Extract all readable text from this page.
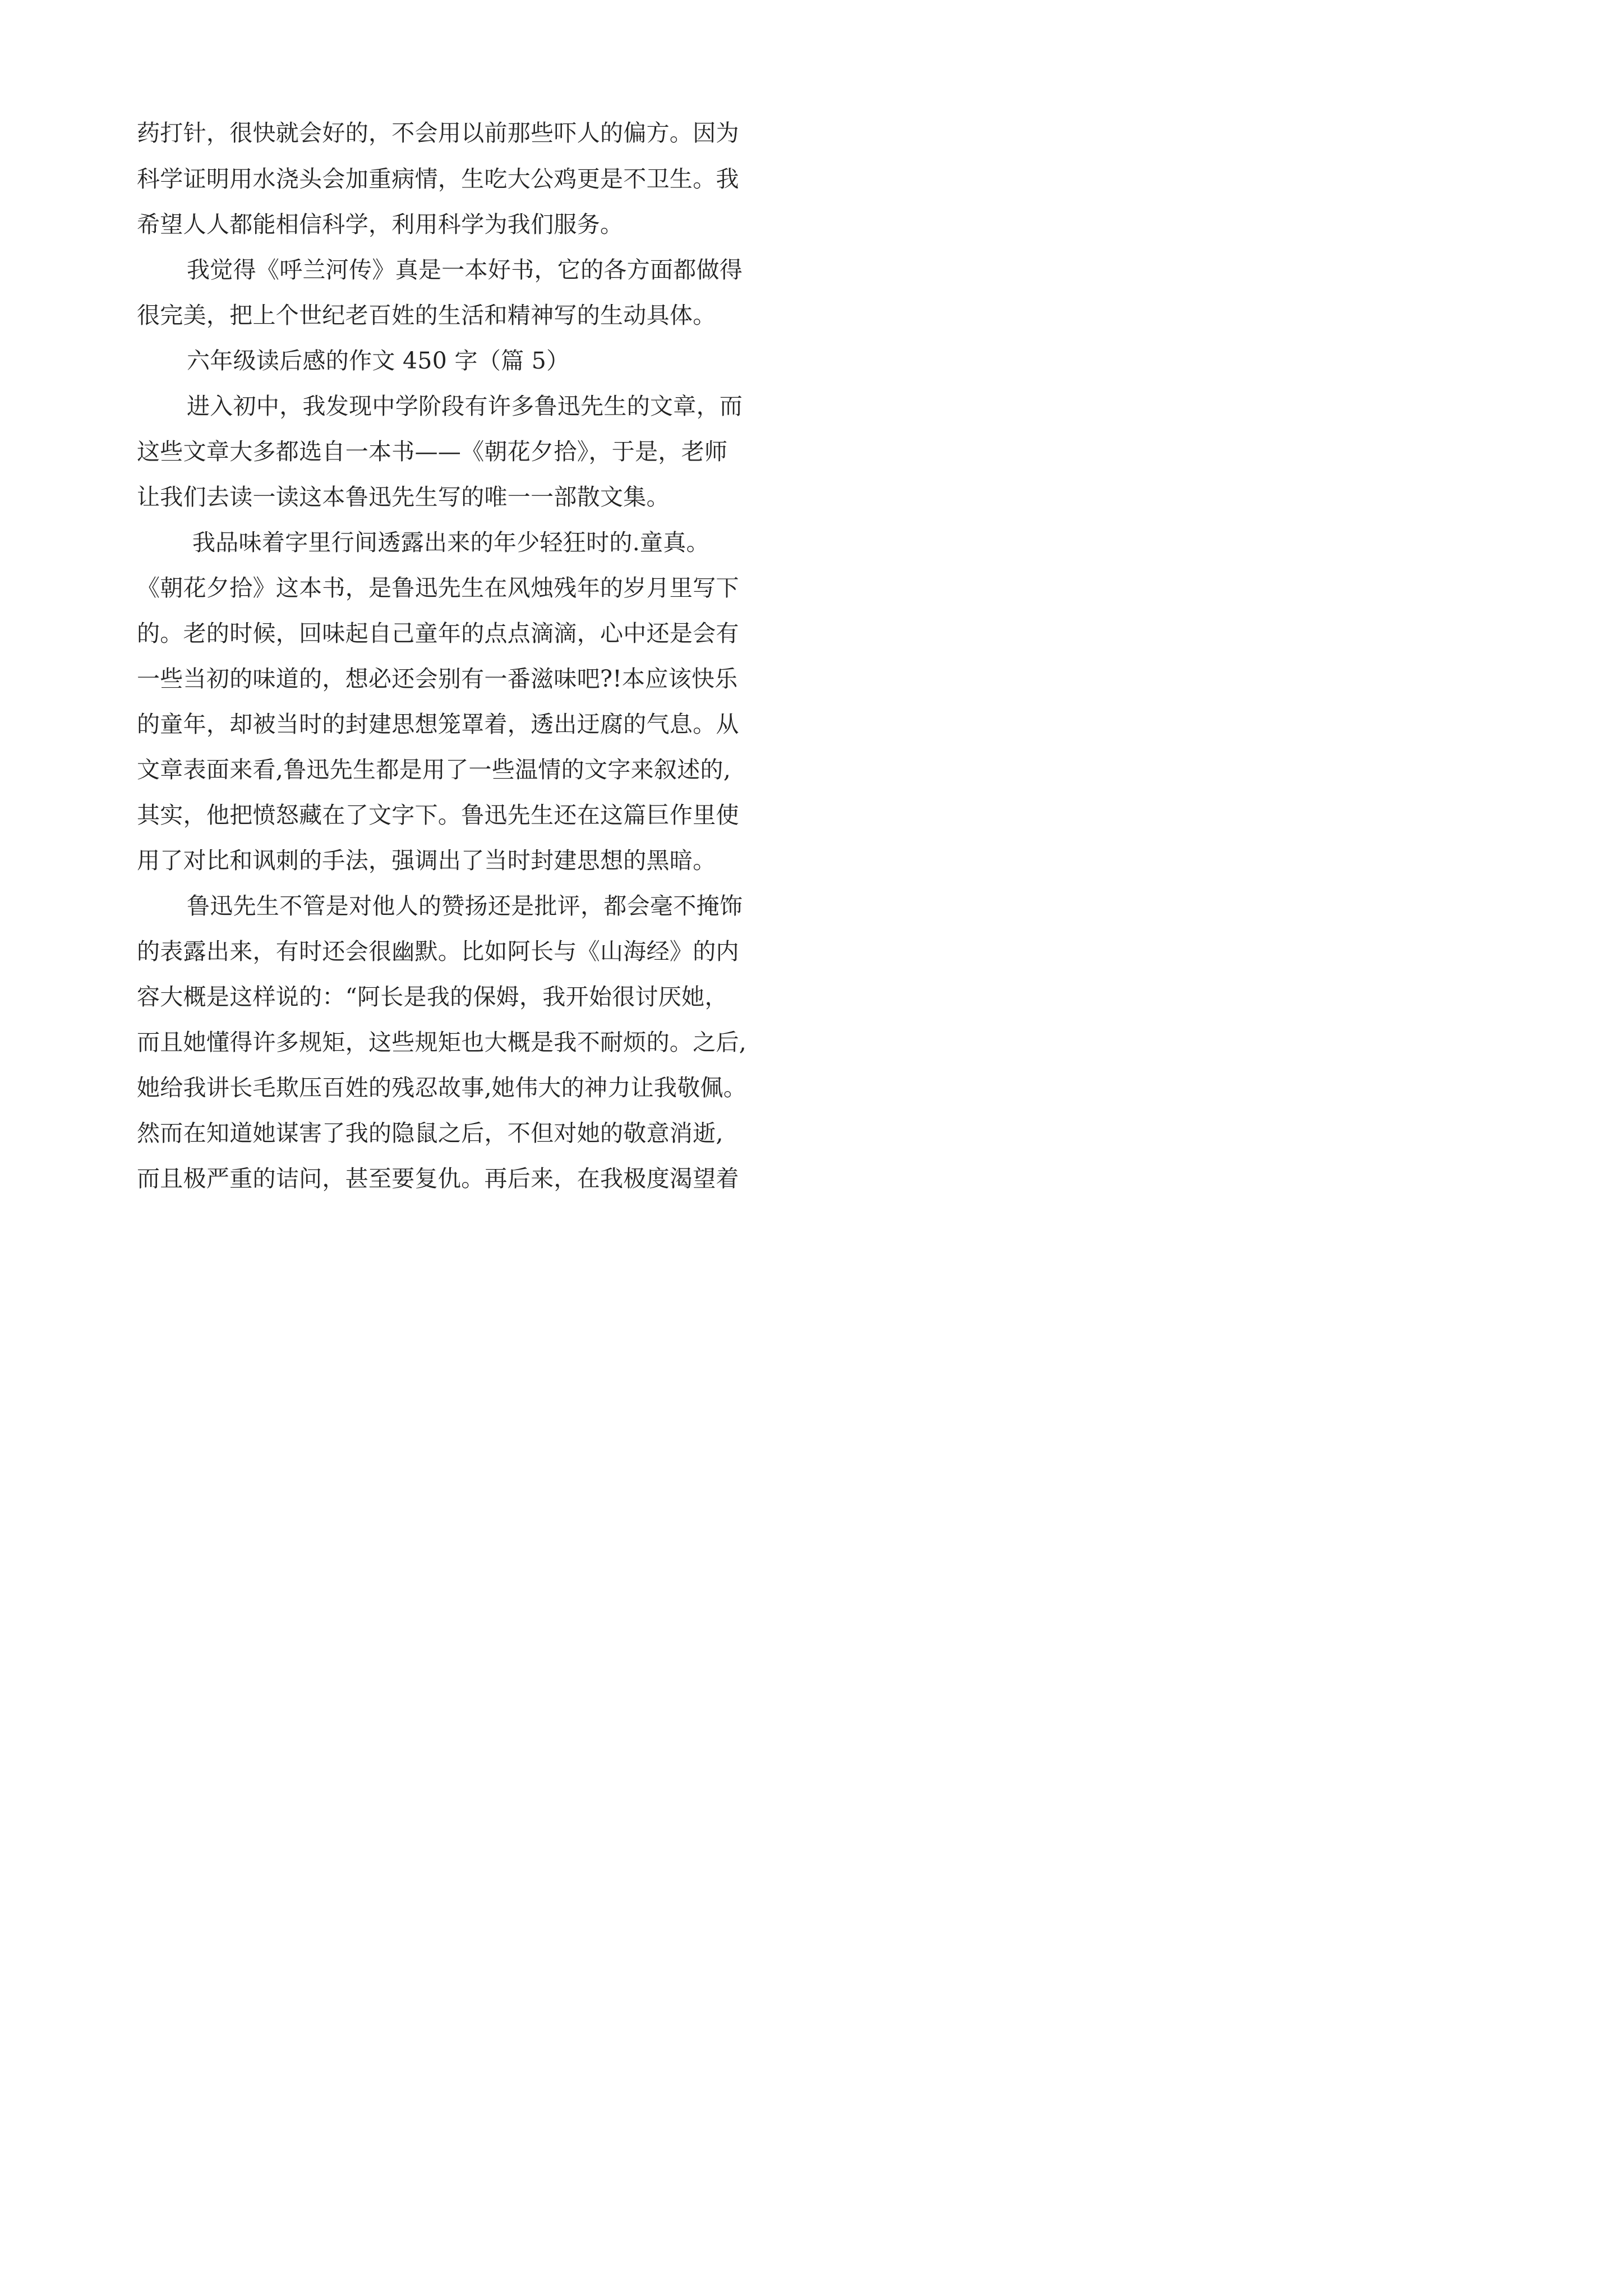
药打针，很快就会好的，不会用以前那些吓人的偏方。因为

科学证明用水浇头会加重病情，生吃大公鸡更是不卫生。我

希望人人都能相信科学，利用科学为我们服务。

我觉得《呼兰河传》真是一本好书，它的各方面都做得

很完美，把上个世纪老百姓的生活和精神写的生动具体。

六年级读后感的作文 450 字（篇 5）

进入初中，我发现中学阶段有许多鲁迅先生的文章，而

这些文章大多都选自一本书——《朝花夕拾》，于是，老师

让我们去读一读这本鲁迅先生写的唯一一部散文集。

我品味着字里行间透露出来的年少轻狂时的.童真。

《朝花夕拾》这本书，是鲁迅先生在风烛残年的岁月里写下

的。老的时候，回味起自己童年的点点滴滴，心中还是会有

一些当初的味道的，想必还会别有一番滋味吧?!本应该快乐

的童年，却被当时的封建思想笼罩着，透出迂腐的气息。从

文章表面来看,鲁迅先生都是用了一些温情的文字来叙述的,

其实，他把愤怒藏在了文字下。鲁迅先生还在这篇巨作里使

用了对比和讽刺的手法，强调出了当时封建思想的黑暗。

鲁迅先生不管是对他人的赞扬还是批评，都会毫不掩饰

的表露出来，有时还会很幽默。比如阿长与《山海经》的内

容大概是这样说的：“阿长是我的保姆，我开始很讨厌她，

而且她懂得许多规矩，这些规矩也大概是我不耐烦的。之后,

她给我讲长毛欺压百姓的残忍故事,她伟大的神力让我敬佩。

然而在知道她谋害了我的隐鼠之后，不但对她的敬意消逝,

而且极严重的诘问，甚至要复仇。再后来，在我极度渴望着
